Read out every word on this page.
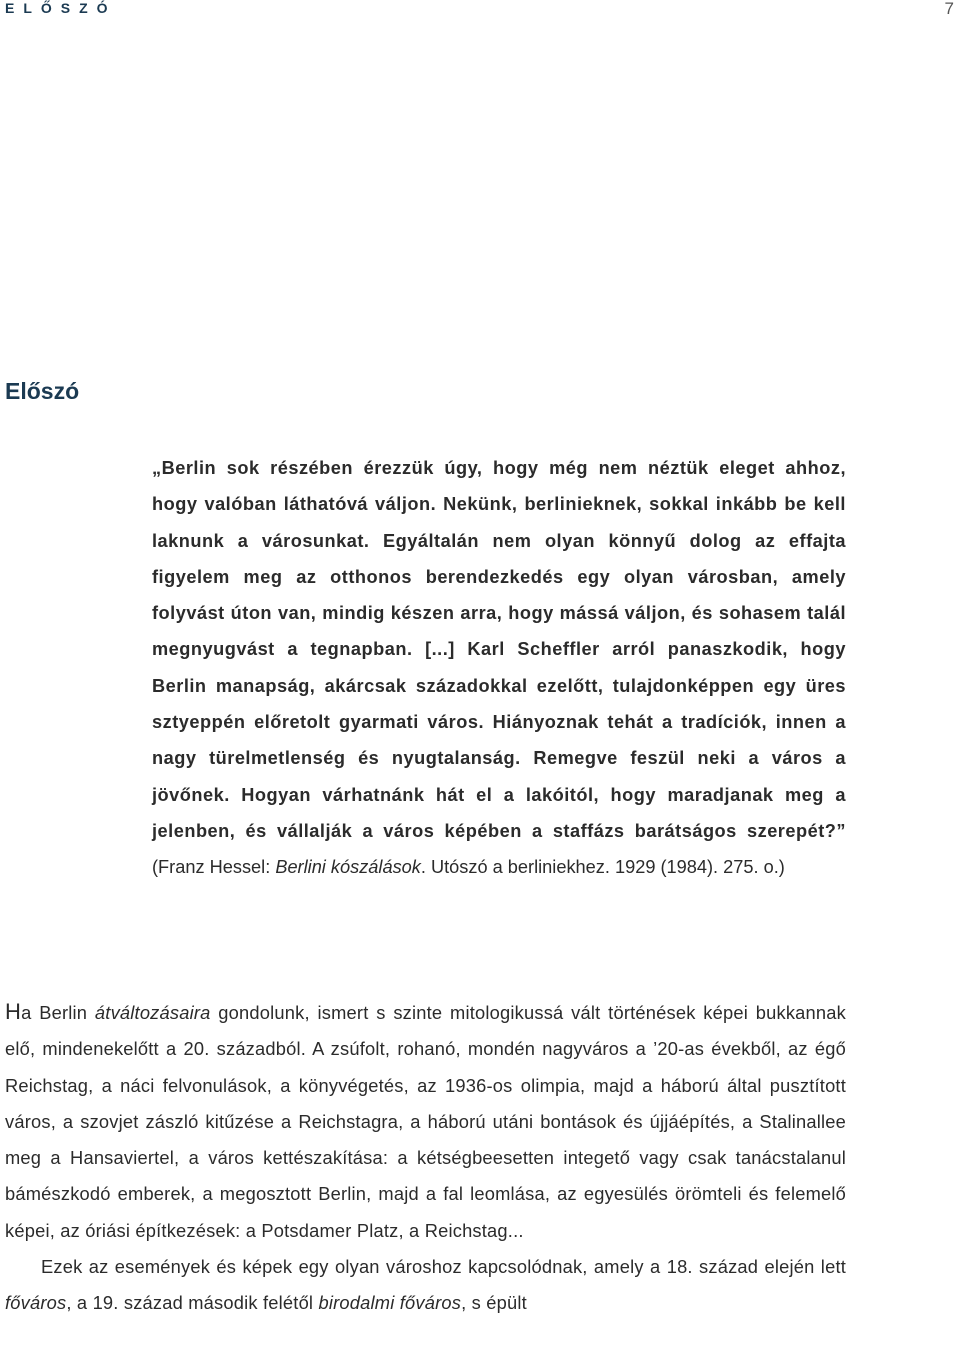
ELŐSZÓ	7
Előszó
„Berlin sok részében érezzük úgy, hogy még nem néztük eleget ahhoz, hogy valóban láthatóvá váljon. Nekünk, berlinieknek, sokkal inkább be kell laknunk a városunkat. Egyáltalán nem olyan könnyű dolog az effajta figyelem meg az otthonos berendezkedés egy olyan városban, amely folyvást úton van, mindig készen arra, hogy mássá váljon, és sohasem talál megnyugvást a tegnapban. [...] Karl Scheffler arról panaszkodik, hogy Berlin manapság, akárcsak századokkal ezelőtt, tulajdonképpen egy üres sztyeppén előretolt gyarmati város. Hiányoznak tehát a tradíciók, innen a nagy türelmetlenség és nyugtalanság. Remegve feszül neki a város a jövőnek. Hogyan várhatnánk hát el a lakóitól, hogy maradjanak meg a jelenben, és vállalják a város képében a staffázs barátságos szerepét?” (Franz Hessel: Berlini kószálások. Utószó a berliniekhez. 1929 (1984). 275. o.)

Ha Berlin átváltozásaira gondolunk, ismert s szinte mitologikussá vált történések képei bukkannak elő, mindenekelőtt a 20. századból. A zsúfolt, rohanó, mondén nagyváros a ’20-as évekből, az égő Reichstag, a náci felvonulások, a könyvégetés, az 1936-os olimpia, majd a háború által pusztított város, a szovjet zászló kitűzése a Reichstagra, a háború utáni bontások és újjáépítés, a Stalinallee meg a Hansaviertel, a város kettészakítása: a kétségbeesetten integető vagy csak tanácstalanul bámészkodó emberek, a megosztott Berlin, majd a fal leomlása, az egyesülés örömteli és felemelő képei, az óriási építkezések: a Potsdamer Platz, a Reichstag...

Ezek az események és képek egy olyan városhoz kapcsolódnak, amely a 18. század elején lett főváros, a 19. század második felétől birodalmi főváros, s épült
